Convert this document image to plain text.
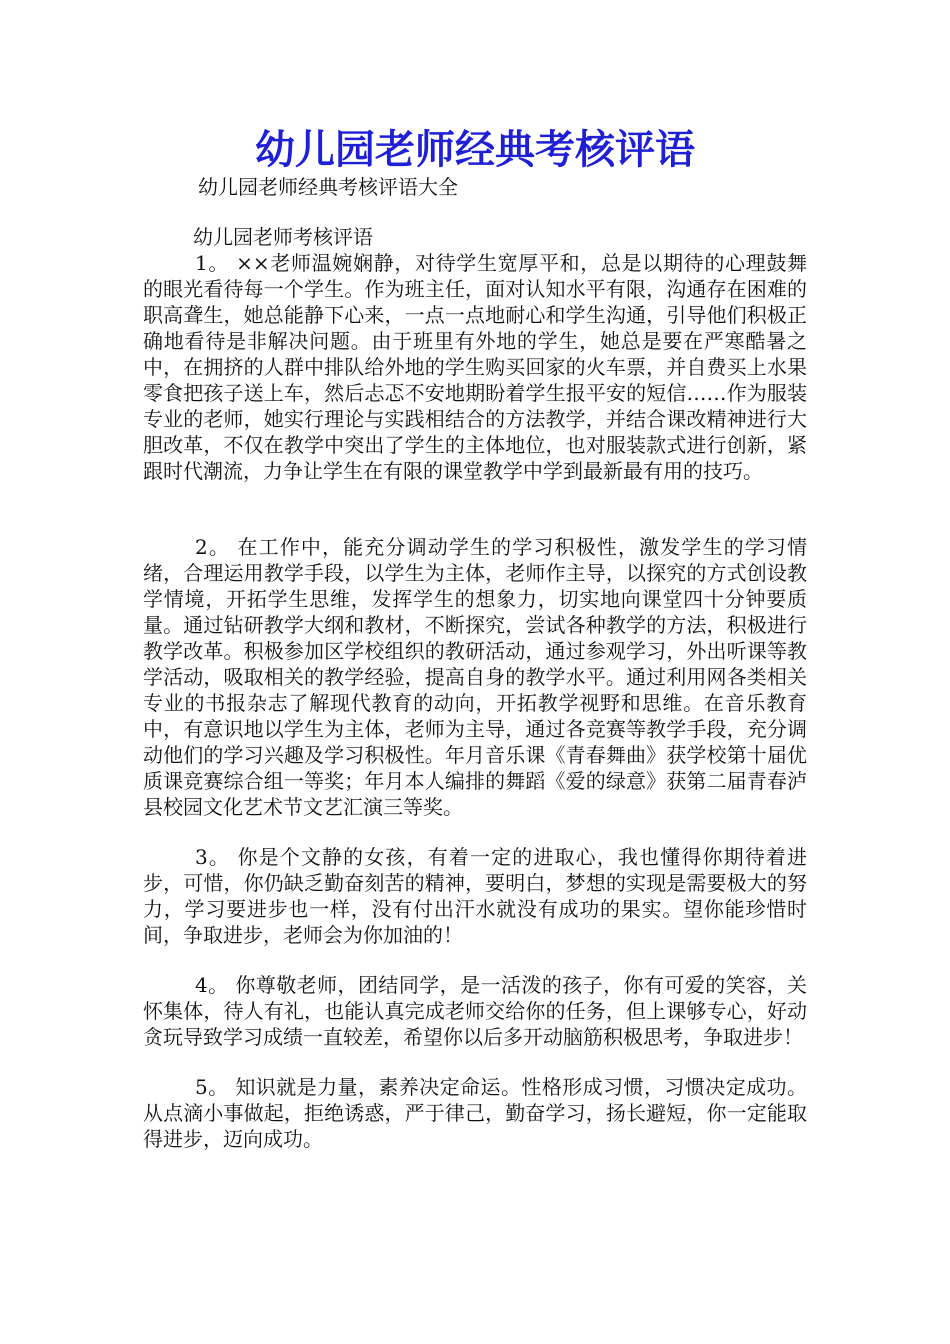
幼儿园老师经典考核评语

幼儿园老师经典考核评语大全

幼儿园老师考核评语

1。 ××老师温婉娴静，对待学生宽厚平和，总是以期待的心理鼓舞的眼光看待每一个学生。作为班主任，面对认知水平有限，沟通存在困难的职高聋生，她总能静下心来，一点一点地耐心和学生沟通，引导他们积极正确地看待是非解决问题。由于班里有外地的学生，她总是要在严寒酷暑之中，在拥挤的人群中排队给外地的学生购买回家的火车票，并自费买上水果零食把孩子送上车，然后忐忑不安地期盼着学生报平安的短信……作为服装专业的老师，她实行理论与实践相结合的方法教学，并结合课改精神进行大胆改革，不仅在教学中突出了学生的主体地位，也对服装款式进行创新，紧跟时代潮流，力争让学生在有限的课堂教学中学到最新最有用的技巧。

2。 在工作中，能充分调动学生的学习积极性，激发学生的学习情绪，合理运用教学手段，以学生为主体，老师作主导，以探究的方式创设教学情境，开拓学生思维，发挥学生的想象力，切实地向课堂四十分钟要质量。通过钻研教学大纲和教材，不断探究，尝试各种教学的方法，积极进行教学改革。积极参加区学校组织的教研活动，通过参观学习，外出听课等教学活动，吸取相关的教学经验，提高自身的教学水平。通过利用网各类相关专业的书报杂志了解现代教育的动向，开拓教学视野和思维。在音乐教育中，有意识地以学生为主体，老师为主导，通过各竞赛等教学手段，充分调动他们的学习兴趣及学习积极性。年月音乐课《青春舞曲》获学校第十届优质课竞赛综合组一等奖；年月本人编排的舞蹈《爱的绿意》获第二届青春泸县校园文化艺术节文艺汇演三等奖。

3。 你是个文静的女孩，有着一定的进取心，我也懂得你期待着进步，可惜，你仍缺乏勤奋刻苦的精神，要明白，梦想的实现是需要极大的努力，学习要进步也一样，没有付出汗水就没有成功的果实。望你能珍惜时间，争取进步，老师会为你加油的！

4。 你尊敬老师，团结同学，是一活泼的孩子，你有可爱的笑容，关怀集体，待人有礼，也能认真完成老师交给你的任务，但上课够专心，好动贪玩导致学习成绩一直较差，希望你以后多开动脑筋积极思考，争取进步！

5。 知识就是力量，素养决定命运。性格形成习惯，习惯决定成功。从点滴小事做起，拒绝诱惑，严于律己，勤奋学习，扬长避短，你一定能取得进步，迈向成功。
